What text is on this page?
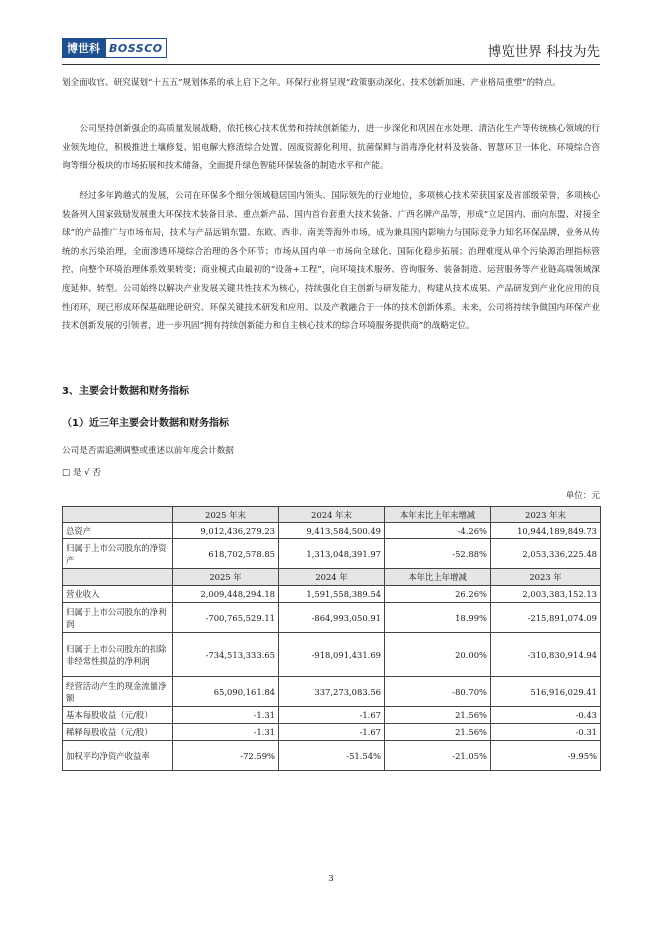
博世科 BOSSCO	博览世界 科技为先

划全面收官、研究谋划“十五五”规划体系的承上启下之年。环保行业将呈现“政策驱动深化、技术创新加速、产业格局重塑”的特点。

公司坚持创新强企的高质量发展战略，依托核心技术优势和持续创新能力，进一步深化和巩固在水处理、清洁化生产等传统核心领域的行业领先地位，积极推进土壤修复、铝电解大修渣综合处置、固废资源化利用、抗菌保鲜与消毒净化材料及装备、智慧环卫一体化、环境综合咨询等细分板块的市场拓展和技术储备，全面提升绿色智能环保装备的制造水平和产能。

经过多年跨越式的发展，公司在环保多个细分领域稳居国内领头、国际领先的行业地位，多项核心技术荣获国家及省部级荣誉，多项核心装备列入国家鼓励发展重大环保技术装备目录、重点新产品、国内首台套重大技术装备、广西名牌产品等，形成“立足国内、面向东盟、对接全球”的产品推广与市场布局，技术与产品远销东盟、东欧、西非、南美等海外市场，成为兼具国内影响力与国际竞争力知名环保品牌，业务从传统的水污染治理，全面渗透环境综合治理的各个环节；市场从国内单一市场向全球化、国际化稳步拓展；治理难度从单个污染源治理指标管控，向整个环境治理体系效果转变；商业模式由最初的“设备+工程”，向环境技术服务、咨询服务、装备制造、运营服务等产业链高端领域深度延伸、转型。公司始终以解决产业发展关键共性技术为核心，持续强化自主创新与研发能力，构建从技术成果、产品研发到产业化应用的良性闭环，现已形成环保基础理论研究、环保关键技术研发和应用、以及产教融合于一体的技术创新体系。未来，公司将持续争做国内环保产业技术创新发展的引领者，进一步巩固“拥有持续创新能力和自主核心技术的综合环境服务提供商”的战略定位。

3、主要会计数据和财务指标
（1）近三年主要会计数据和财务指标
公司是否需追溯调整或重述以前年度会计数据
□ 是 √ 否
单位：元
	2025 年末	2024 年末	本年末比上年末增减	2023 年末
总资产	9,012,436,279.23	9,413,584,500.49	-4.26%	10,944,189,849.73
归属于上市公司股东的净资产	618,702,578.85	1,313,048,391.97	-52.88%	2,053,336,225.48
	2025 年	2024 年	本年比上年增减	2023 年
营业收入	2,009,448,294.18	1,591,558,389.54	26.26%	2,003,383,152.13
归属于上市公司股东的净利润	-700,765,529.11	-864,993,050.91	18.99%	-215,891,074.09
归属于上市公司股东的扣除非经常性损益的净利润	-734,513,333.65	-918,091,431.69	20.00%	-310,830,914.94
经营活动产生的现金流量净额	65,090,161.84	337,273,083.56	-80.70%	516,916,029.41
基本每股收益（元/股）	-1.31	-1.67	21.56%	-0.43
稀释每股收益（元/股）	-1.31	-1.67	21.56%	-0.31
加权平均净资产收益率	-72.59%	-51.54%	-21.05%	-9.95%
3
